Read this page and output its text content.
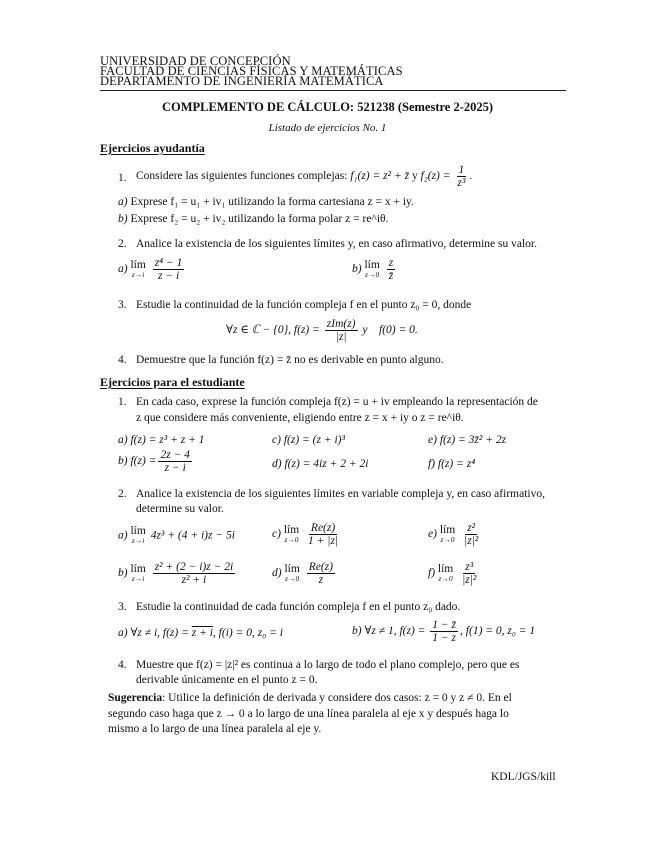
UNIVERSIDAD DE CONCEPCIÓN
FACULTAD DE CIENCIAS FÍSICAS Y MATEMÁTICAS
DEPARTAMENTO DE INGENIERÍA MATEMÁTICA
COMPLEMENTO DE CÁLCULO: 521238 (Semestre 2-2025)
Listado de ejercicios No. 1
Ejercicios ayudantía
1. Considere las siguientes funciones complejas: f₁(z) = z² + z̄ y $f_2(z) = \frac{1}{\text{z³}}$ .
a) Exprese f₁ = u₁ + iv₁ utilizando la forma cartesiana z = x + iy.
b) Exprese f₂ = u₂ + iv₂ utilizando la forma polar z = re^iθ.
2. Analice la existencia de los siguientes límites y, en caso afirmativo, determine su valor.
a) lím
z→i
$\frac{\text{z⁴ − 1}}{z - i}$	b) lím
z→0
$\frac{z}{z̄}$
3. Estudie la continuidad de la función compleja f en el punto z₀ = 0, donde
∀z ∈ ℂ − {0}, $f(z) = \frac{\text{zIm(z)}}{|z|}$ y    f(0) = 0.
4. Demuestre que la función f(z) = z̄ no es derivable en punto alguno.
Ejercicios para el estudiante
1. En cada caso, exprese la función compleja f(z) = u + iv empleando la representación de
z que considere más conveniente, eligiendo entre z = x + iy o z = re^iθ.
a) f(z) = z³ + z + 1	c) f(z) = (z + i)³	e) f(z) = 3z̄² + 2z
b) $f(z) = \frac{2z - 4}{z - i}$	d) f(z) = 4iz + 2 + 2i	f) f(z) = z⁴
2. Analice la existencia de los siguientes límites en variable compleja y, en caso afirmativo,
determine su valor.
a) lím
z→i 4z³ + (4 + i)z − 5i	c) lím
z→0
$\frac{Re(z)}{1 + |z|}$	e) lím
z→0
$\frac{\text{z²}}{\text{|z|²}}$
b) lím
z→i
$\frac{\text{z² + (2 − i)z − 2i}}{\text{z² + i}}$	d) lím
z→0
$\frac{Re(z)}{z}$	f) lím
z→0
$\frac{\text{z³}}{\text{|z|²}}$
3. Estudie la continuidad de cada función compleja f en el punto z₀ dado.
a) ∀z ≠ i, f(z) = z + i, f(i) = 0, z₀ = i	b) ∀z ≠ 1, $f(z) = \frac{1 - z̄}{1 - z}$ , f(1) = 0, z₀ = 1
4. Muestre que f(z) = |z|² es continua a lo largo de todo el plano complejo, pero que es
derivable únicamente en el punto z = 0.
Sugerencia: Utilice la definición de derivada y considere dos casos: z = 0 y z ≠ 0. En el
segundo caso haga que z → 0 a lo largo de una línea paralela al eje x y después haga lo
mismo a lo largo de una línea paralela al eje y.
KDL/JGS/kill
